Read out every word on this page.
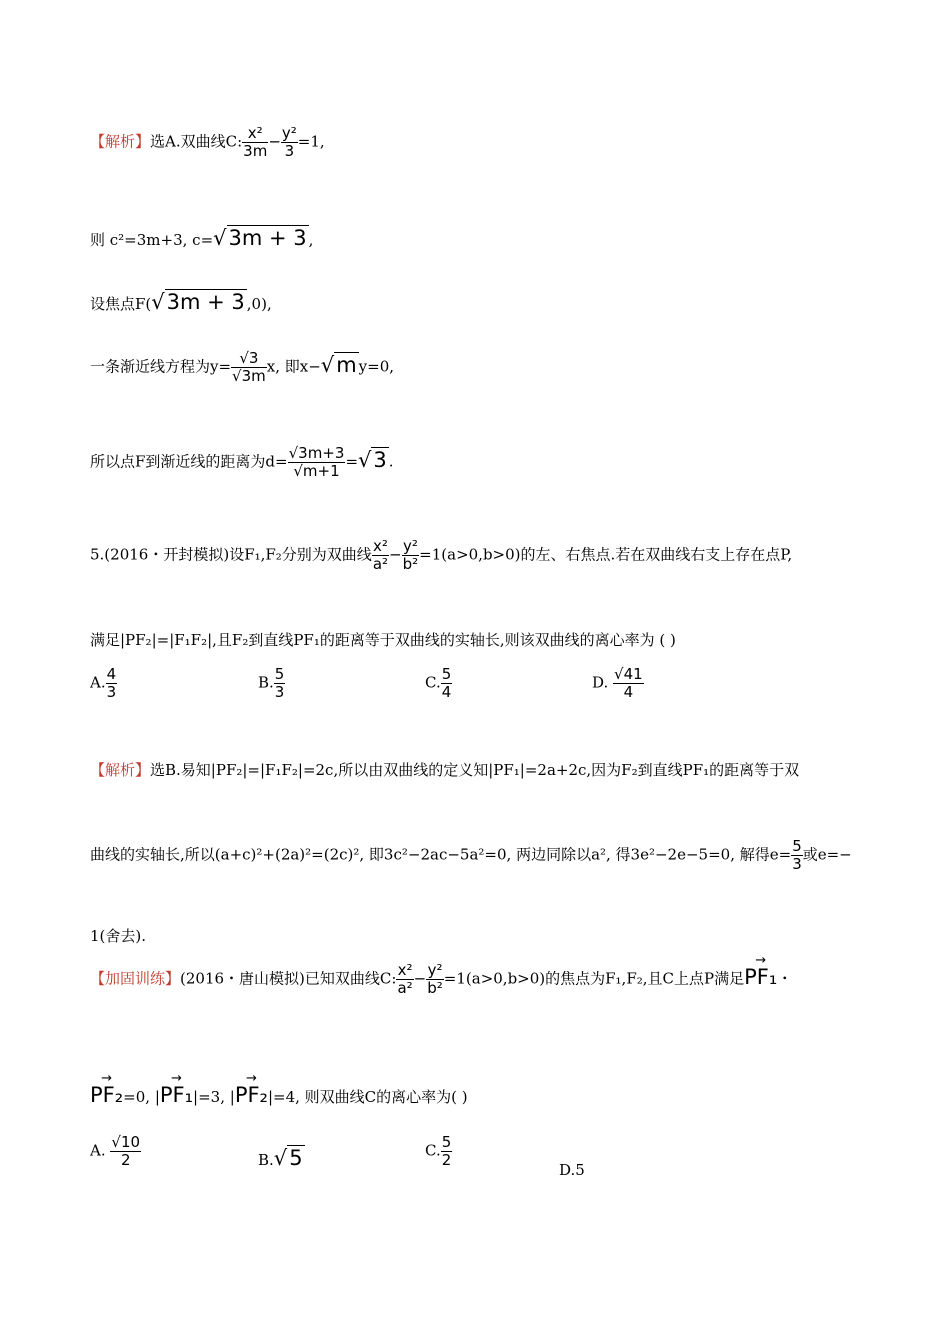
【解析】选A.双曲线C: $\frac{\text{x²}}{3m} - \frac{\text{y²}}{3} =1$,
则 c²=3m+3, c=√3m + 3 ,
设焦点F(√3m + 3 ,0),
一条渐近线方程为$y= \frac{√3}{√3m} x$, 即x−√m y=0,
所以点F到渐近线的距离为$d= \frac{√3m+3}{√m+1} =√3$ .
5.(2016・开封模拟)设F₁,F₂分别为双曲线 $\frac{\text{x²}}{\text{a²}} - \frac{\text{y²}}{\text{b²}} =1(a>0,b>0)$的左、右焦点.若在双曲线右支上存在点P,
满足|PF₂|=|F₁F₂|,且F₂到直线PF₁的距离等于双曲线的实轴长,则该双曲线的离心率为 ( )
A. $\frac{4}{3}$	B. $\frac{5}{3}$	C. $\frac{5}{4}$	D. $\frac{√41}{4}$
【解析】选B.易知|PF₂|=|F₁F₂|=2c,所以由双曲线的定义知|PF₁|=2a+2c,因为F₂到直线PF₁的距离等于双
曲线的实轴长,所以(a+c)²+(2a)²=(2c)², 即3c²−2ac−5a²=0, 两边同除以a², 得3e²−2e−5=0, 解得$e= \frac{5}{3}$ 或e=−
1(舍去).
【加固训练】(2016・唐山模拟)已知双曲线C: $\frac{\text{x²}}{\text{a²}} - \frac{\text{y²}}{\text{b²}} =1(a>0,b>0)$的焦点为F₁,F₂,且C上点P满足
→
PF₁・
→
PF₂=0, |
→
PF₁|=3, |
→
PF₂|=4, 则双曲线C的离心率为( )
A. $\frac{√10}{2}$	B.√5	C. $\frac{5}{2}$
D.5
